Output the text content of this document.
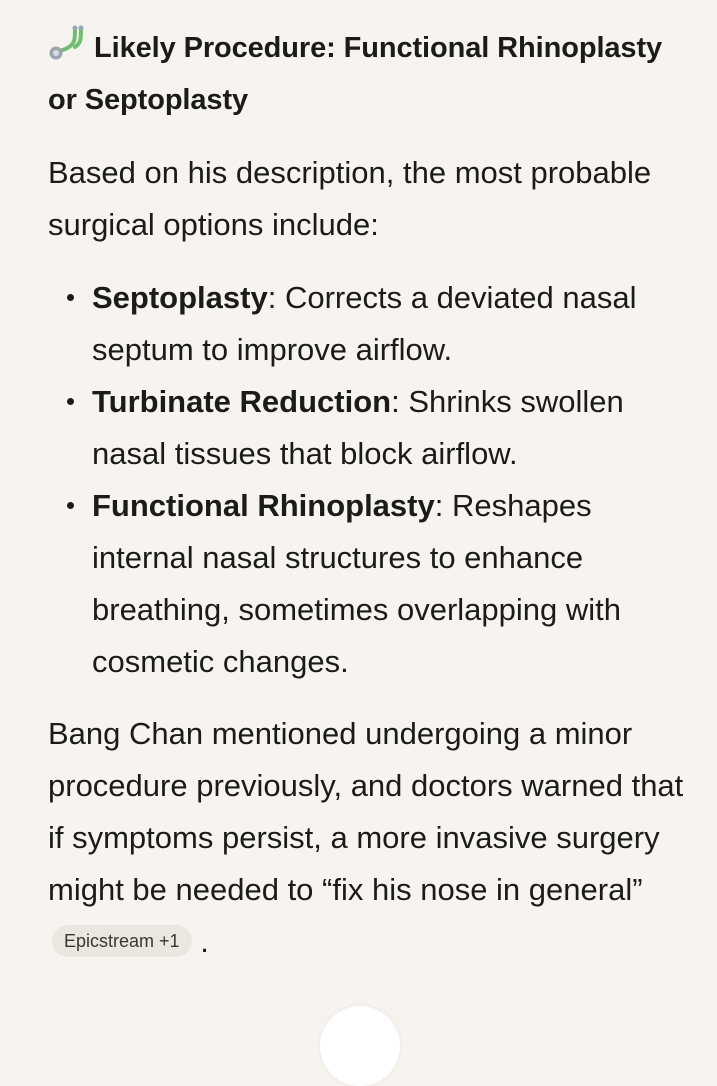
Likely Procedure: Functional Rhinoplasty or Septoplasty

Based on his description, the most probable surgical options include:

Septoplasty: Corrects a deviated nasal septum to improve airflow.
Turbinate Reduction: Shrinks swollen nasal tissues that block airflow.
Functional Rhinoplasty: Reshapes internal nasal structures to enhance breathing, sometimes overlapping with cosmetic changes.

Bang Chan mentioned undergoing a minor procedure previously, and doctors warned that if symptoms persist, a more invasive surgery might be needed to “fix his nose in general” Epicstream +1 .
